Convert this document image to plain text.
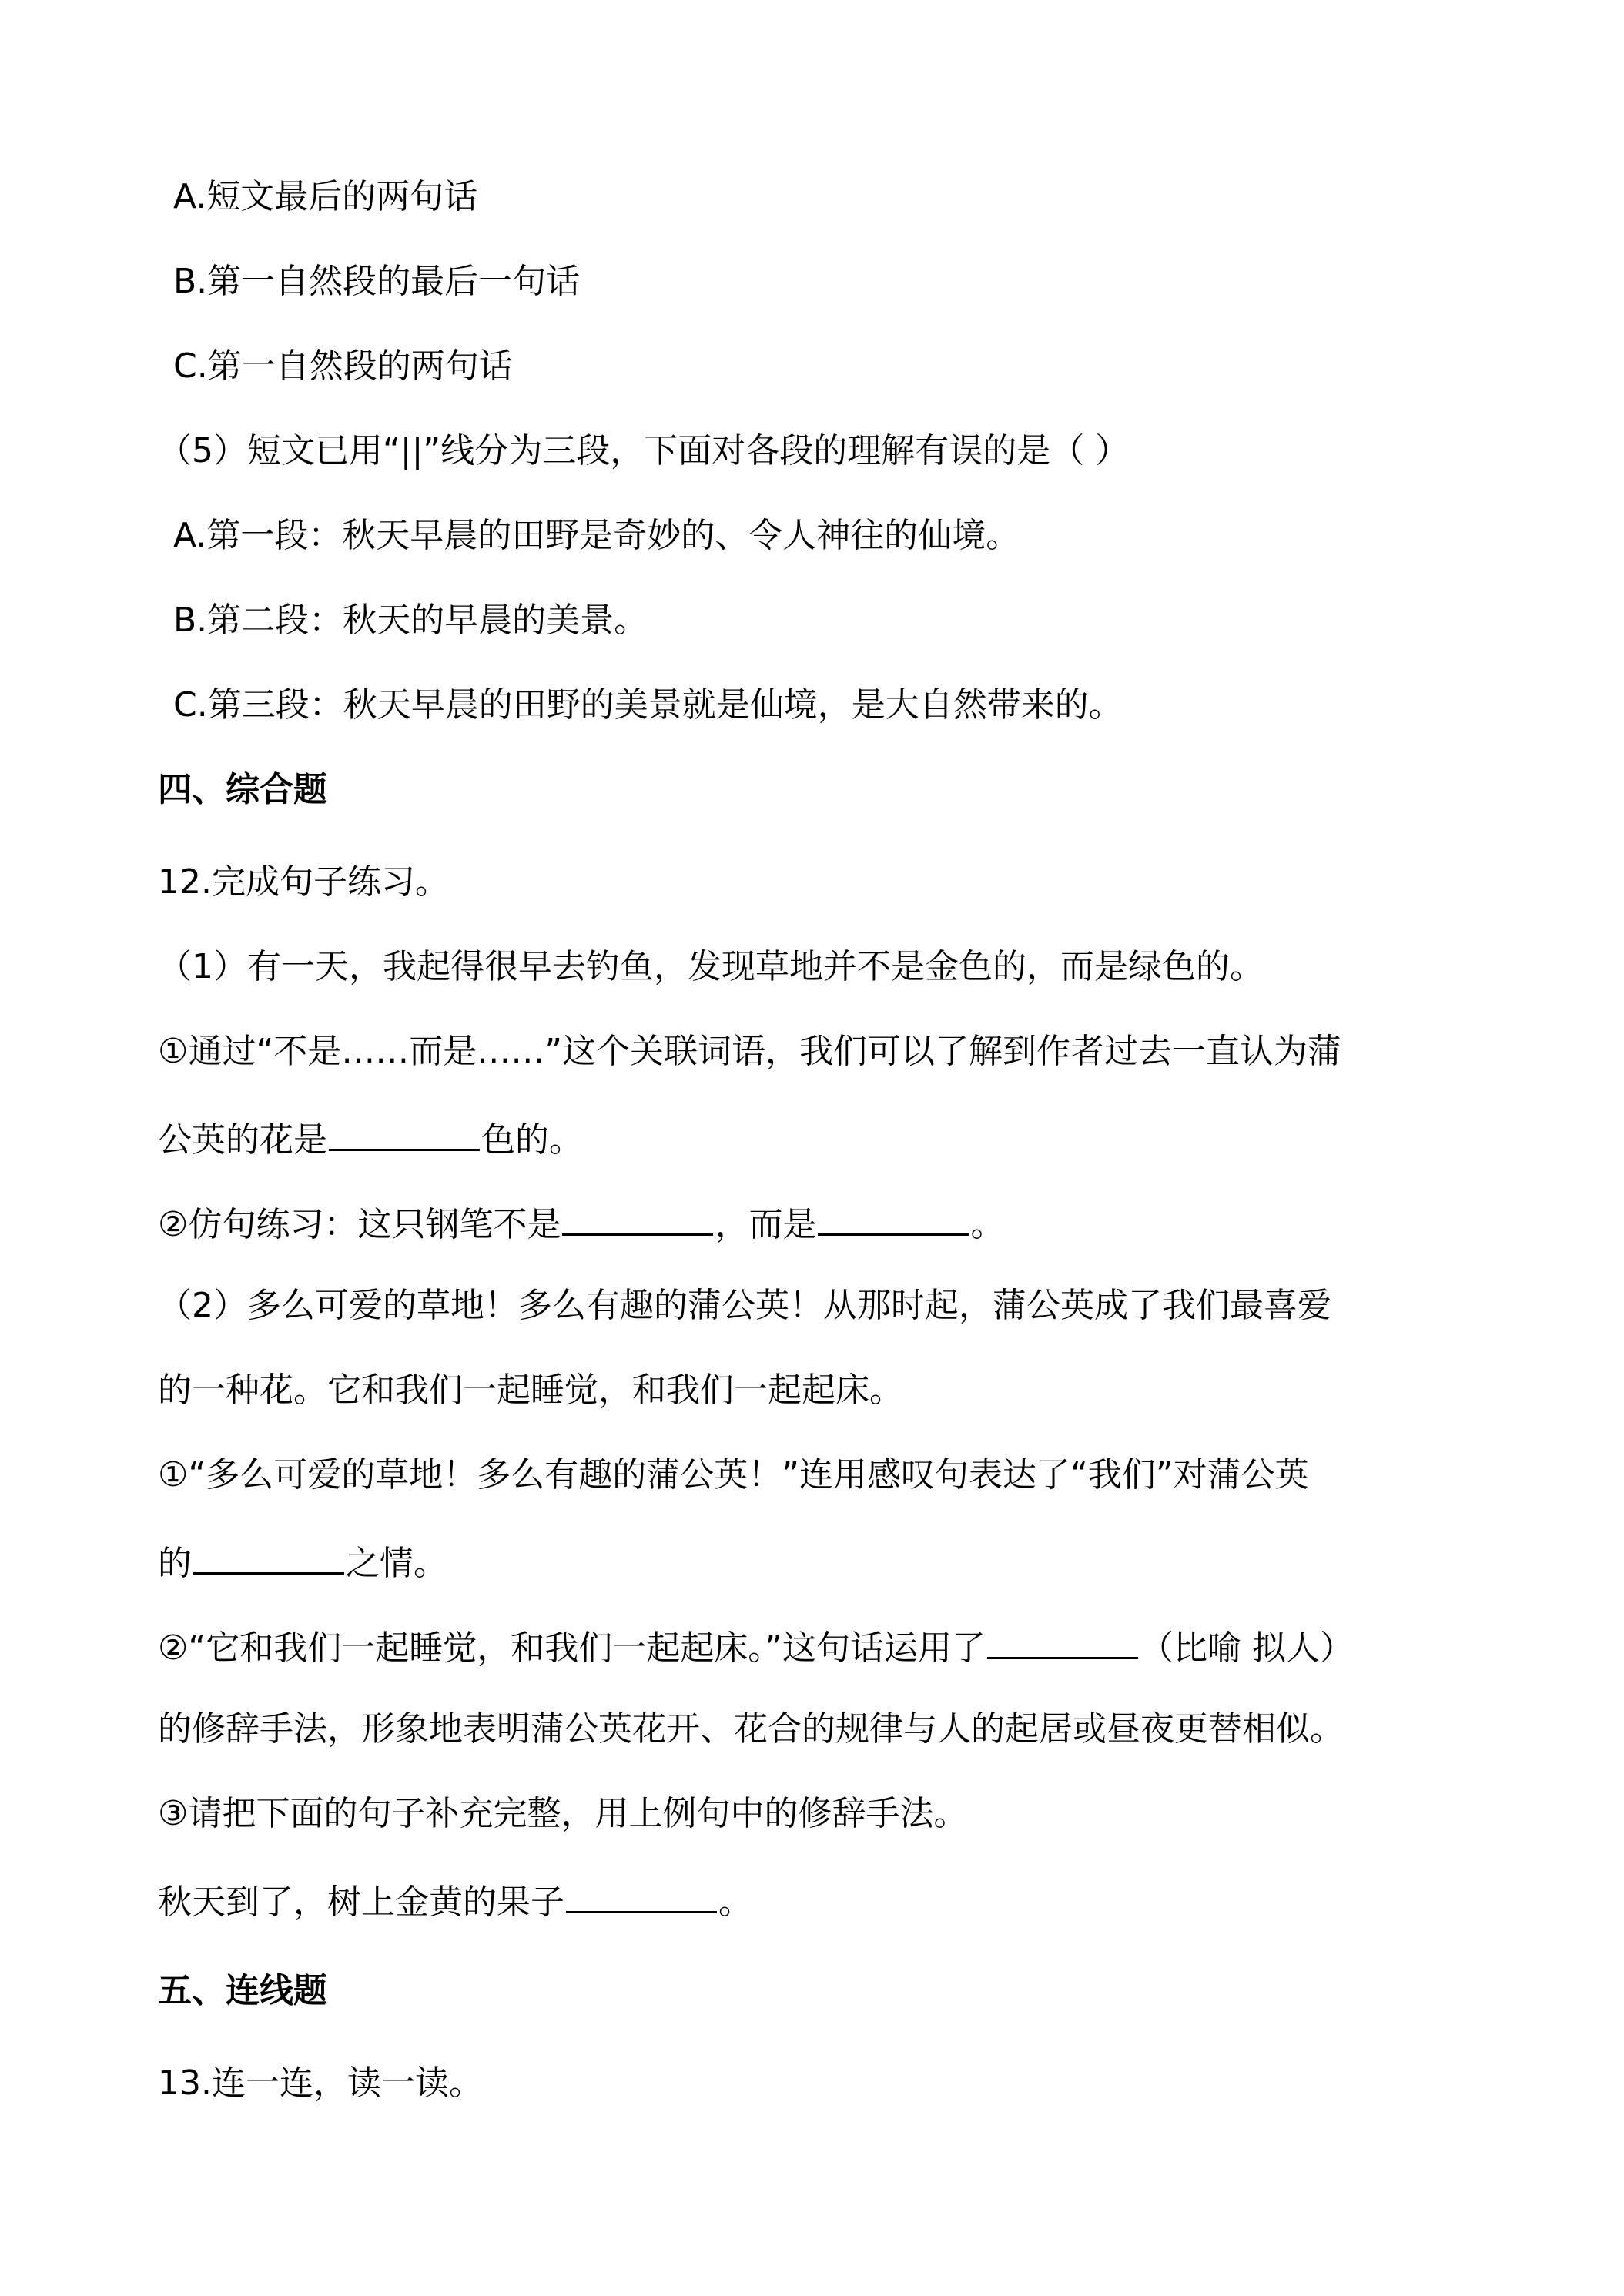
A.短文最后的两句话
B.第一自然段的最后一句话
C.第一自然段的两句话
（5）短文已用“||”线分为三段，下面对各段的理解有误的是（ ）
A.第一段：秋天早晨的田野是奇妙的、令人神往的仙境。
B.第二段：秋天的早晨的美景。
C.第三段：秋天早晨的田野的美景就是仙境，是大自然带来的。
四、综合题
12.完成句子练习。
（1）有一天，我起得很早去钓鱼，发现草地并不是金色的，而是绿色的。
①通过“不是……而是……”这个关联词语，我们可以了解到作者过去一直认为蒲
公英的花是	色的。
②仿句练习：这只钢笔不是	，而是	。
（2）多么可爱的草地！多么有趣的蒲公英！从那时起，蒲公英成了我们最喜爱
的一种花。它和我们一起睡觉，和我们一起起床。
①“多么可爱的草地！多么有趣的蒲公英！”连用感叹句表达了“我们”对蒲公英
的	之情。
②“它和我们一起睡觉，和我们一起起床。”这句话运用了	（比喻 拟人）
的修辞手法，形象地表明蒲公英花开、花合的规律与人的起居或昼夜更替相似。
③请把下面的句子补充完整，用上例句中的修辞手法。
秋天到了，树上金黄的果子	。
五、连线题
13.连一连，读一读。
